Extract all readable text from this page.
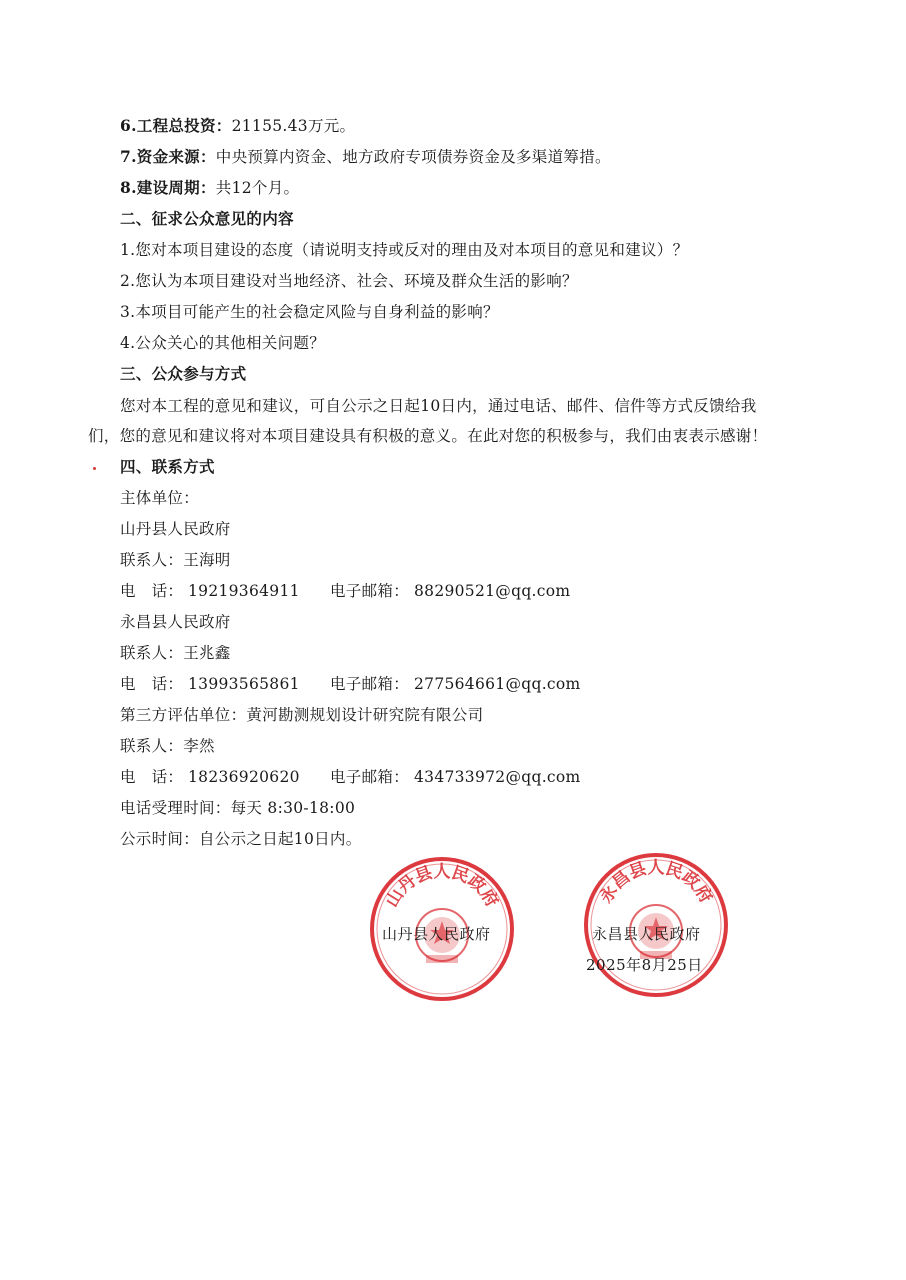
6.工程总投资：21155.43万元。
7.资金来源：中央预算内资金、地方政府专项债券资金及多渠道筹措。
8.建设周期：共12个月。
二、征求公众意见的内容
1.您对本项目建设的态度（请说明支持或反对的理由及对本项目的意见和建议）？
2.您认为本项目建设对当地经济、社会、环境及群众生活的影响？
3.本项目可能产生的社会稳定风险与自身利益的影响？
4.公众关心的其他相关问题？
三、公众参与方式
您对本工程的意见和建议，可自公示之日起10日内，通过电话、邮件、信件等方式反馈给我
们，您的意见和建议将对本项目建设具有积极的意义。在此对您的积极参与，我们由衷表示感谢！
四、联系方式
主体单位：
山丹县人民政府
联系人：王海明
电　话： 19219364911 电子邮箱： 88290521@qq.com
永昌县人民政府
联系人：王兆鑫
电　话： 13993565861 电子邮箱： 277564661@qq.com
第三方评估单位：黄河勘测规划设计研究院有限公司
联系人：李然
电　话： 18236920620 电子邮箱： 434733972@qq.com
电话受理时间：每天 8:30-18:00
公示时间：自公示之日起10日内。
山丹县人民政府	永昌县人民政府
山丹县人民政府	永昌县人民政府
2025年8月25日
